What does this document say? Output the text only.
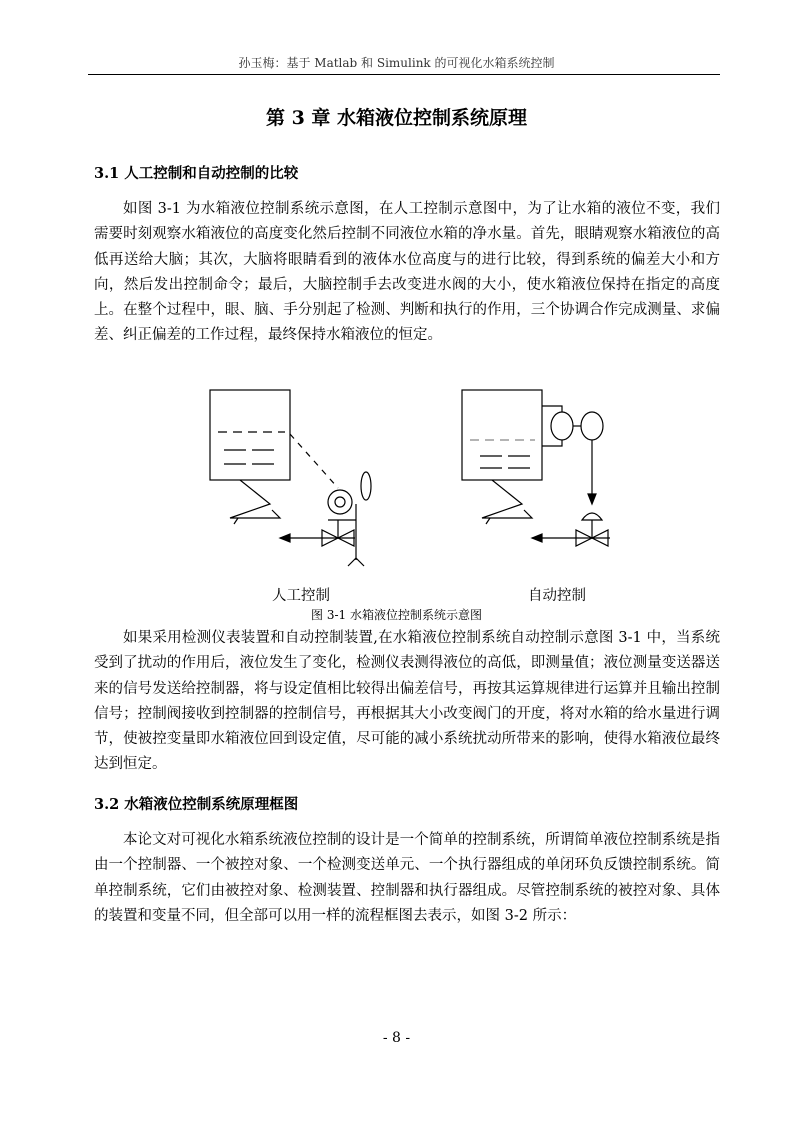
孙玉梅：基于 Matlab 和 Simulink 的可视化水箱系统控制
第 3 章 水箱液位控制系统原理
3.1 人工控制和自动控制的比较

如图 3-1 为水箱液位控制系统示意图，在人工控制示意图中，为了让水箱的液位不变，我们需要时刻观察水箱液位的高度变化然后控制不同液位水箱的净水量。首先，眼睛观察水箱液位的高低再送给大脑；其次，大脑将眼睛看到的液体水位高度与的进行比较，得到系统的偏差大小和方向，然后发出控制命令；最后，大脑控制手去改变进水阀的大小，使水箱液位保持在指定的高度上。在整个过程中，眼、脑、手分别起了检测、判断和执行的作用，三个协调合作完成测量、求偏差、纠正偏差的工作过程，最终保持水箱液位的恒定。

人工控制	自动控制
图 3-1 水箱液位控制系统示意图

如果采用检测仪表装置和自动控制装置,在水箱液位控制系统自动控制示意图 3-1 中，当系统受到了扰动的作用后，液位发生了变化，检测仪表测得液位的高低，即测量值；液位测量变送器送来的信号发送给控制器，将与设定值相比较得出偏差信号，再按其运算规律进行运算并且输出控制信号；控制阀接收到控制器的控制信号，再根据其大小改变阀门的开度，将对水箱的给水量进行调节，使被控变量即水箱液位回到设定值，尽可能的减小系统扰动所带来的影响，使得水箱液位最终达到恒定。

3.2 水箱液位控制系统原理框图

本论文对可视化水箱系统液位控制的设计是一个简单的控制系统，所谓简单液位控制系统是指由一个控制器、一个被控对象、一个检测变送单元、一个执行器组成的单闭环负反馈控制系统。简单控制系统，它们由被控对象、检测装置、控制器和执行器组成。尽管控制系统的被控对象、具体的装置和变量不同，但全部可以用一样的流程框图去表示，如图 3-2 所示：

- 8 -
